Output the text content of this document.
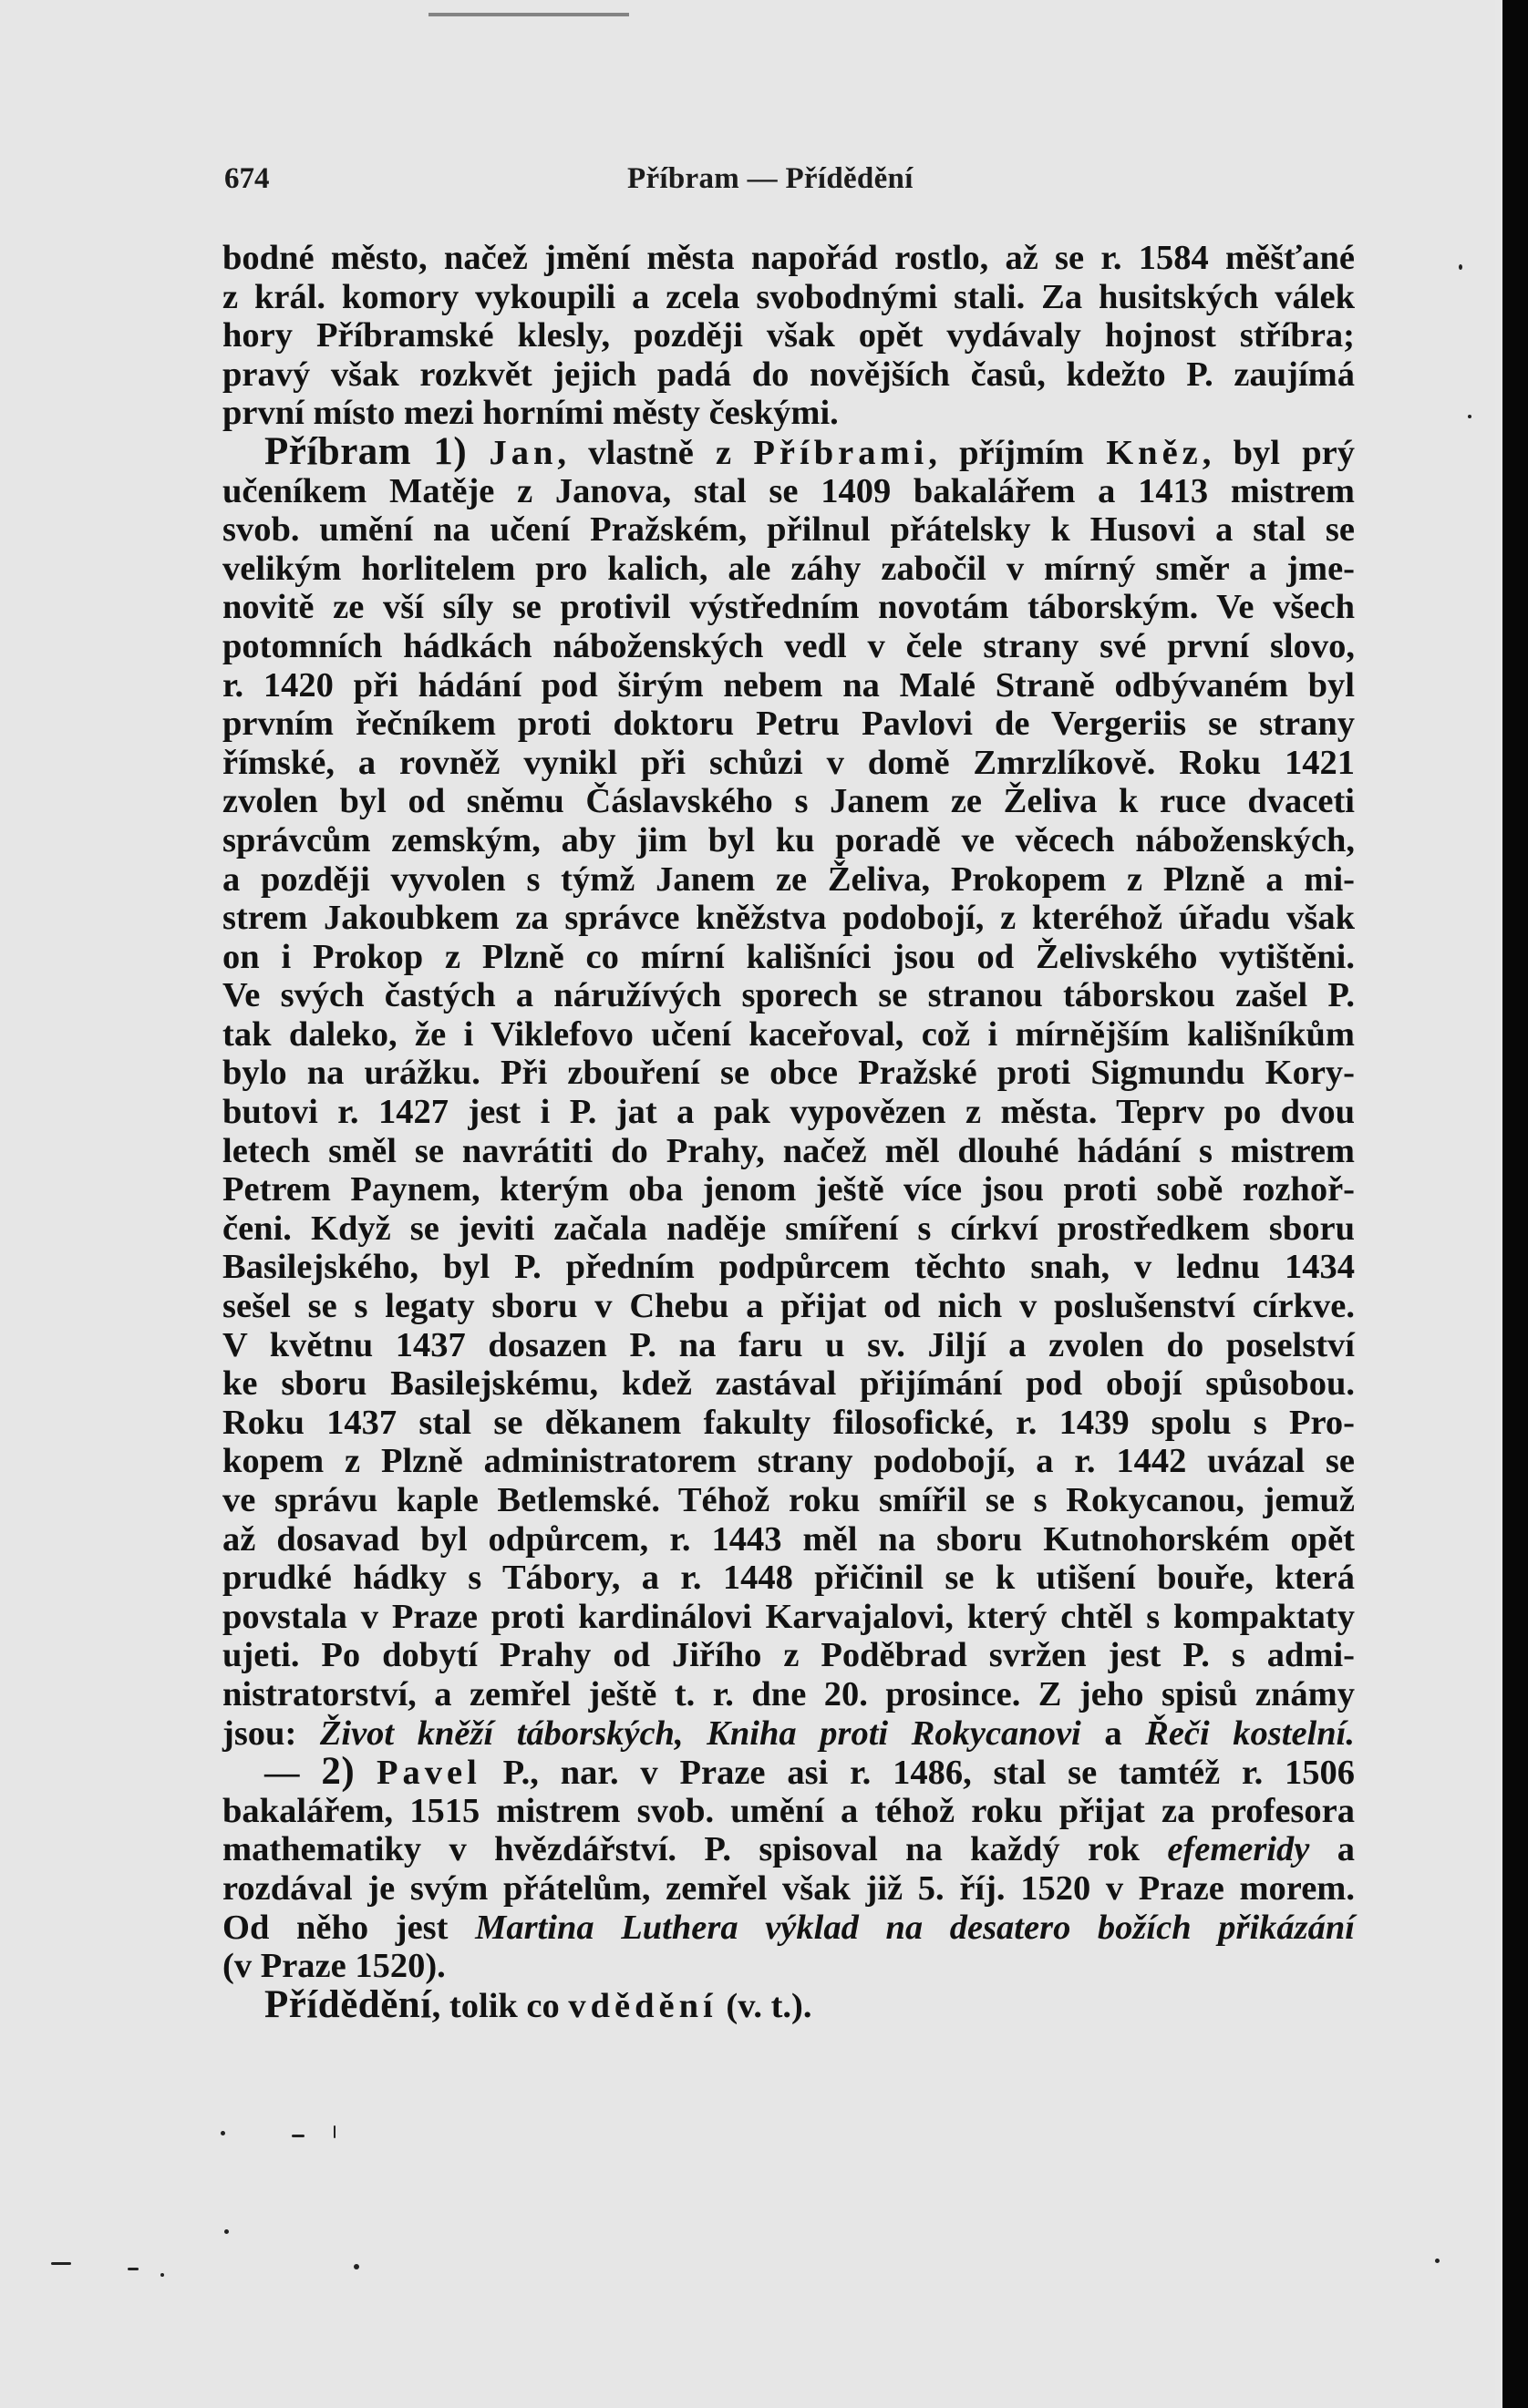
674	Příbram — Přídědění
bodné město, načež jmění města napořád rostlo, až se r. 1584 měšťané
z král. komory vykoupili a zcela svobodnými stali. Za husitských válek
hory Příbramské klesly, později však opět vydávaly hojnost stříbra;
pravý však rozkvět jejich padá do novějších časů, kdežto P. zaujímá
první místo mezi horními městy českými.
Příbram 1) Jan, vlastně z Příbrami, příjmím Kněz, byl prý
učeníkem Matěje z Janova, stal se 1409 bakalářem a 1413 mistrem
svob. umění na učení Pražském, přilnul přátelsky k Husovi a stal se
velikým horlitelem pro kalich, ale záhy zabočil v mírný směr a jme-
novitě ze vší síly se protivil výstředním novotám táborským. Ve všech
potomních hádkách náboženských vedl v čele strany své první slovo,
r. 1420 při hádání pod širým nebem na Malé Straně odbývaném byl
prvním řečníkem proti doktoru Petru Pavlovi de Vergeriis se strany
římské, a rovněž vynikl při schůzi v domě Zmrzlíkově. Roku 1421
zvolen byl od sněmu Čáslavského s Janem ze Želiva k ruce dvaceti
správcům zemským, aby jim byl ku poradě ve věcech náboženských,
a později vyvolen s týmž Janem ze Želiva, Prokopem z Plzně a mi-
strem Jakoubkem za správce kněžstva podobojí, z kteréhož úřadu však
on i Prokop z Plzně co mírní kališníci jsou od Želivského vytištěni.
Ve svých častých a náružívých sporech se stranou táborskou zašel P.
tak daleko, že i Viklefovo učení kaceřoval, což i mírnějším kališníkům
bylo na urážku. Při zbouření se obce Pražské proti Sigmundu Kory-
butovi r. 1427 jest i P. jat a pak vypovězen z města. Teprv po dvou
letech směl se navrátiti do Prahy, načež měl dlouhé hádání s mistrem
Petrem Paynem, kterým oba jenom ještě více jsou proti sobě rozhoř-
čeni. Když se jeviti začala naděje smíření s církví prostředkem sboru
Basilejského, byl P. předním podpůrcem těchto snah, v lednu 1434
sešel se s legaty sboru v Chebu a přijat od nich v poslušenství církve.
V květnu 1437 dosazen P. na faru u sv. Jiljí a zvolen do poselství
ke sboru Basilejskému, kdež zastával přijímání pod obojí spůsobou.
Roku 1437 stal se děkanem fakulty filosofické, r. 1439 spolu s Pro-
kopem z Plzně administratorem strany podobojí, a r. 1442 uvázal se
ve správu kaple Betlemské. Téhož roku smířil se s Rokycanou, jemuž
až dosavad byl odpůrcem, r. 1443 měl na sboru Kutnohorském opět
prudké hádky s Tábory, a r. 1448 přičinil se k utišení bouře, která
povstala v Praze proti kardinálovi Karvajalovi, který chtěl s kompaktaty
ujeti. Po dobytí Prahy od Jiřího z Poděbrad svržen jest P. s admi-
nistratorství, a zemřel ještě t. r. dne 20. prosince. Z jeho spisů známy
jsou: Život kněží táborských, Kniha proti Rokycanovi a Řeči kostelní.
— 2) Pavel P., nar. v Praze asi r. 1486, stal se tamtéž r. 1506
bakalářem, 1515 mistrem svob. umění a téhož roku přijat za profesora
mathematiky v hvězdářství. P. spisoval na každý rok efemeridy a
rozdával je svým přátelům, zemřel však již 5. říj. 1520 v Praze morem.
Od něho jest Martina Luthera výklad na desatero božích přikázání
(v Praze 1520).
Přídědění, tolik co vdědění (v. t.).
